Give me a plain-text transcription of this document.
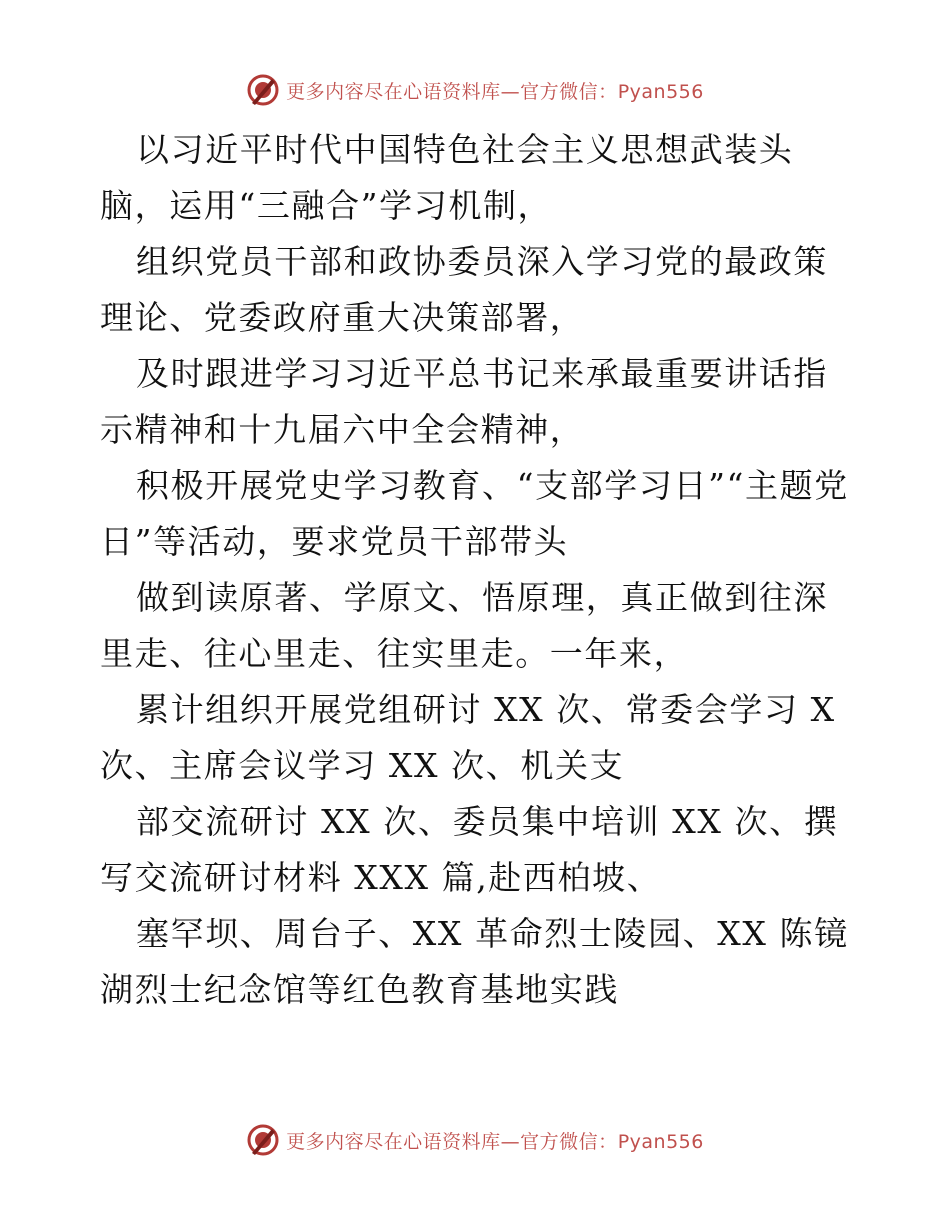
更多内容尽在心语资料库—官方微信：Pyan556

以习近平时代中国特色社会主义思想武装头脑，运用“三融合”学习机制，

组织党员干部和政协委员深入学习党的最政策理论、党委政府重大决策部署，

及时跟进学习习近平总书记来承最重要讲话指示精神和十九届六中全会精神，

积极开展党史学习教育、“支部学习日”“主题党日”等活动，要求党员干部带头

做到读原著、学原文、悟原理，真正做到往深里走、往心里走、往实里走。一年来，

累计组织开展党组研讨 XX 次、常委会学习 X 次、主席会议学习 XX 次、机关支

部交流研讨 XX 次、委员集中培训 XX 次、撰写交流研讨材料 XXX 篇,赴西柏坡、

塞罕坝、周台子、XX 革命烈士陵园、XX 陈镜湖烈士纪念馆等红色教育基地实践

更多内容尽在心语资料库—官方微信：Pyan556
